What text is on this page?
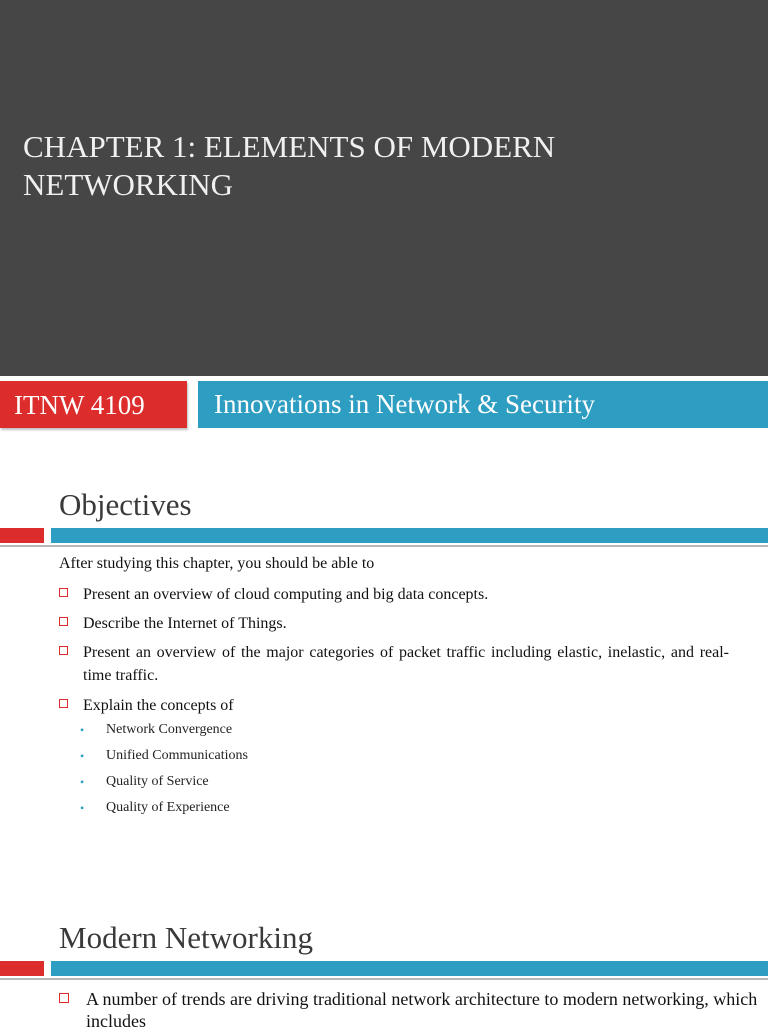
CHAPTER 1: ELEMENTS OF MODERN
NETWORKING
ITNW 4109	Innovations in Network & Security
Objectives
After studying this chapter, you should be able to
Present an overview of cloud computing and big data concepts.
Describe the Internet of Things.
Present an overview of the major categories of packet traffic including elastic, inelastic, and real-time traffic.
Explain the concepts of
• Network Convergence
• Unified Communications
• Quality of Service
• Quality of Experience
Modern Networking
A number of trends are driving traditional network architecture to modern networking, which includes
